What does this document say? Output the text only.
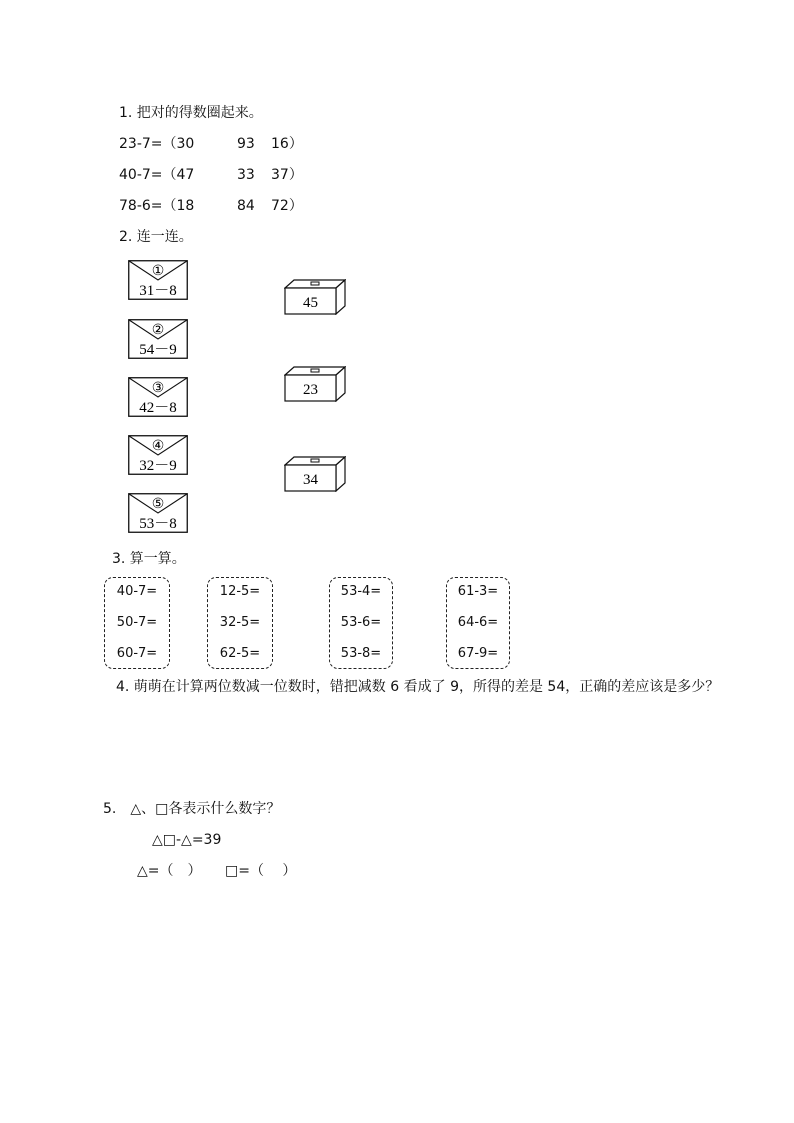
1. 把对的得数圈起来。
23-7=（30	93 16）
40-7=（47	33 37）
78-6=（18	84 72）
2. 连一连。
①
31－8
②
54－9
③
42－8
④
32－9
⑤
53－8
45
23
34
3. 算一算。
40-7=
50-7=
60-7=
12-5=
32-5=
62-5=
53-4=
53-6=
53-8=
61-3=
64-6=
67-9=
4. 萌萌在计算两位数减一位数时，错把减数 6 看成了 9，所得的差是 54，正确的差应该是多少？
5.　△、□各表示什么数字？
△□-△=39
△=（　） □=（　 ）
